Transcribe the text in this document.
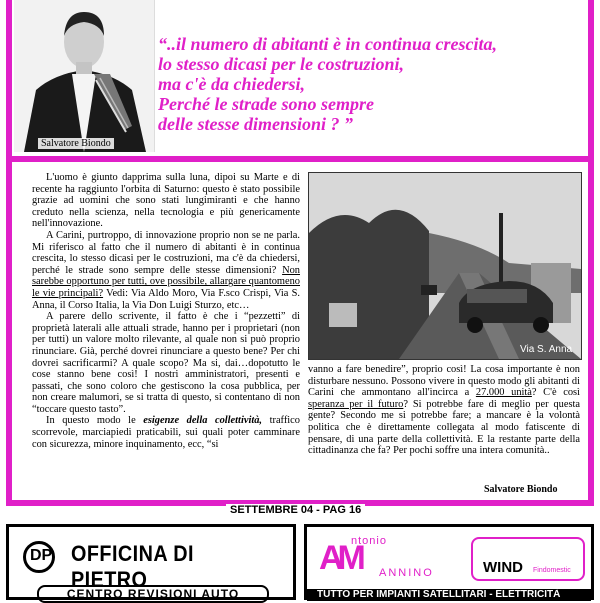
Salvatore Biondo
“..il numero di abitanti è in continua crescita,
lo stesso dicasi per le costruzioni,
ma c'è da chiedersi,
Perché le strade sono sempre
delle stesse dimensioni ? ”

L'uomo è giunto dapprima sulla luna, dipoi su Marte e di recente ha raggiunto l'orbita di Saturno: questo è stato possibile grazie ad uomini che sono stati lungimiranti e che hanno creduto nella scienza, nella tecnologia e più genericamente nell'innovazione.

A Carini, purtroppo, di innovazione proprio non se ne parla. Mi riferisco al fatto che il numero di abitanti è in continua crescita, lo stesso dicasi per le costruzioni, ma c'è da chiedersi, perché le strade sono sempre delle stesse dimensioni? Non sarebbe opportuno per tutti, ove possibile, allargare quantomeno le vie principali? Vedi: Via Aldo Moro, Via F.sco Crispi, Via S. Anna, il Corso Italia, la Via Don Luigi Sturzo, etc…

A parere dello scrivente, il fatto è che i “pezzetti” di proprietà laterali alle attuali strade, hanno per i proprietari (non per tutti) un valore molto rilevante, al quale non si può proprio rinunciare. Già, perché dovrei rinunciare a questo bene? Per chi dovrei sacrificarmi? A quale scopo? Ma si, dai…dopotutto le cose stanno bene così! I nostri amministratori, presenti e passati, che sono coloro che gestiscono la cosa pubblica, per non creare malumori, se si tratta di questo, si contentano di non “toccare questo tasto”.

In questo modo le esigenze della collettività, traffico scorrevole, marciapiedi praticabili, sui quali poter camminare con sicurezza, minore inquinamento, ecc, “si

Via S. Anna

vanno a fare benedire”, proprio così! La cosa importante è non disturbare nessuno. Possono vivere in questo modo gli abitanti di Carini che ammontano all'incirca a 27.000 unità? C'è così speranza per il futuro? Si potrebbe fare di meglio per questa gente? Secondo me si potrebbe fare; a mancare è la volontà politica che è direttamente collegata al modo fatiscente di pensare, di una parte della collettività. E la restante parte della cittadinanza che fa? Per pochi soffre una intera comunità..

Salvatore Biondo
SETTEMBRE 04 - PAG 16
DP OFFICINA DI PIETRO
CENTRO REVISIONI AUTO
AM
ntonio
ANNINO	WIND Findomestic
TUTTO PER IMPIANTI SATELLITARI - ELETTRICITÀ
